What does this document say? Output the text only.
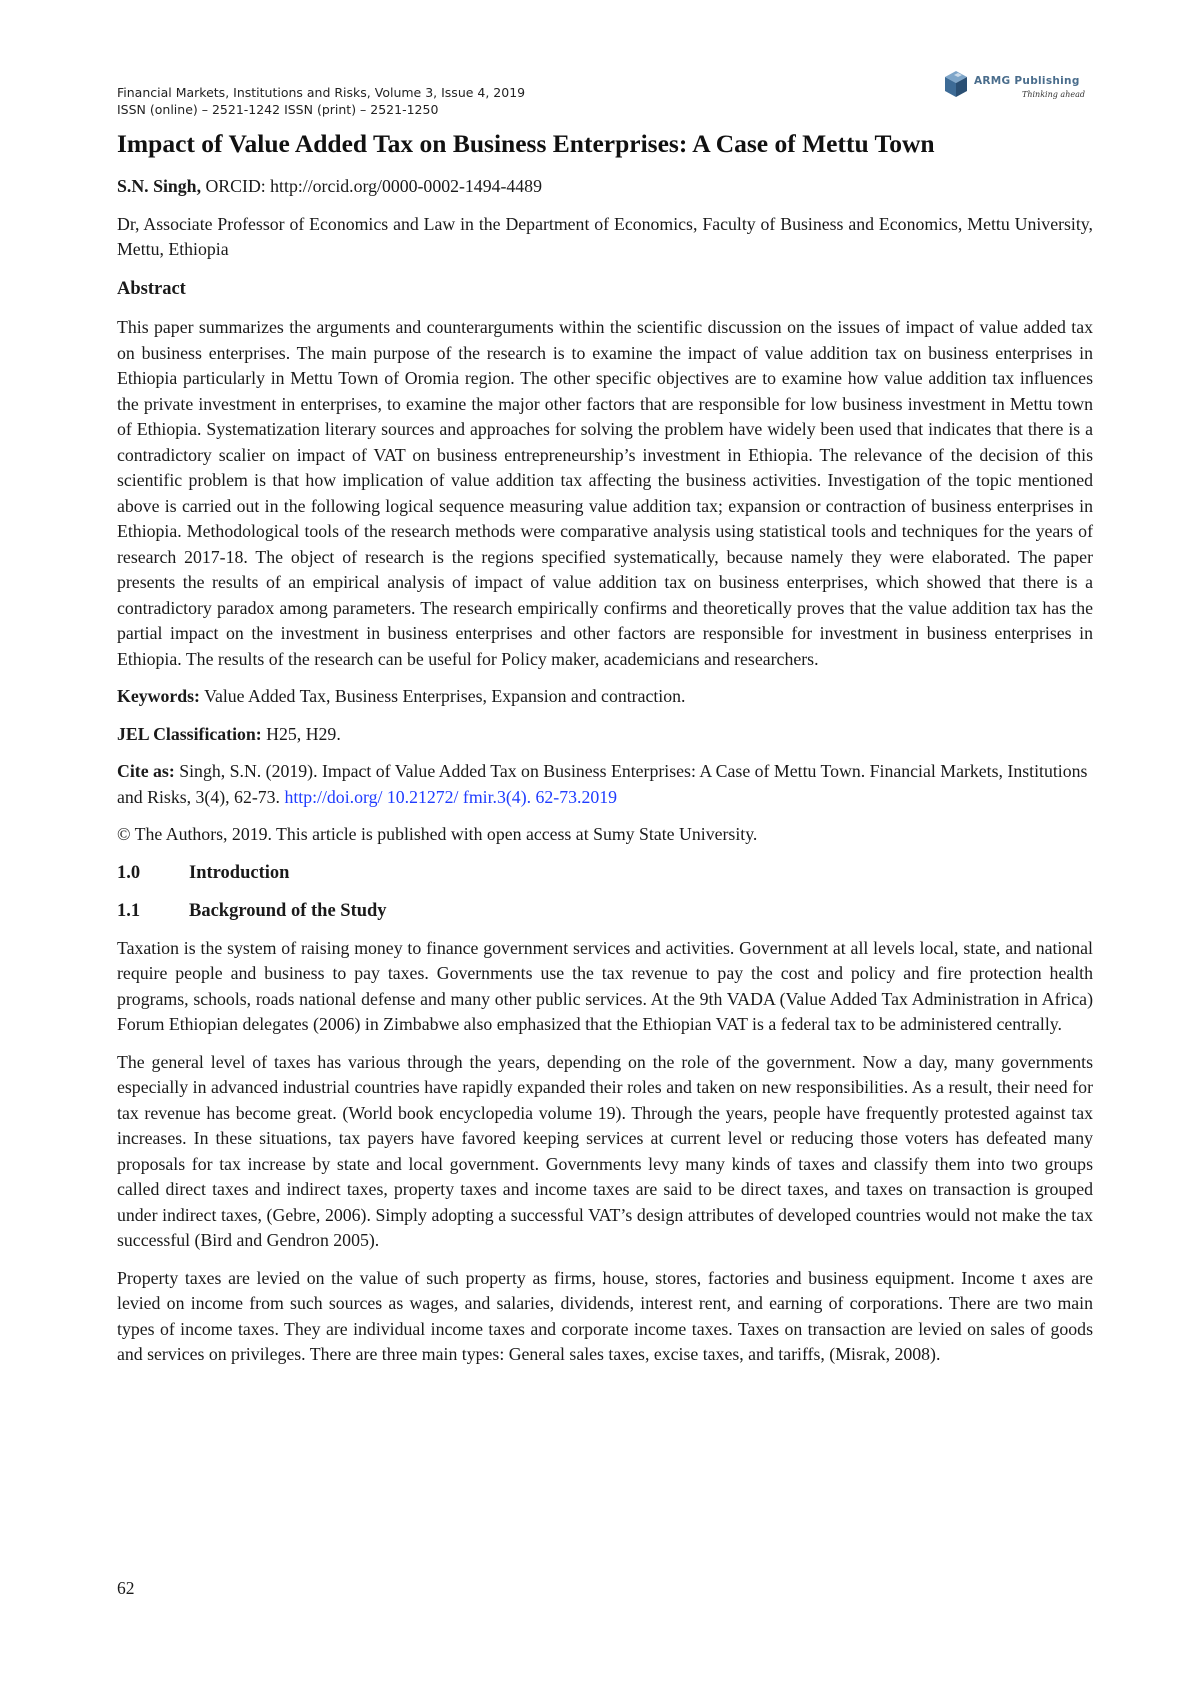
Financial Markets, Institutions and Risks, Volume 3, Issue 4, 2019
ISSN (online) – 2521-1242 ISSN (print) – 2521-1250
ARMG Publishing
Thinking ahead
Impact of Value Added Tax on Business Enterprises: A Case of Mettu Town

S.N. Singh, ORCID: http://orcid.org/0000-0002-1494-4489

Dr, Associate Professor of Economics and Law in the Department of Economics, Faculty of Business and Economics, Mettu University, Mettu, Ethiopia

Abstract

This paper summarizes the arguments and counterarguments within the scientific discussion on the issues of impact of value added tax on business enterprises. The main purpose of the research is to examine the impact of value addition tax on business enterprises in Ethiopia particularly in Mettu Town of Oromia region. The other specific objectives are to examine how value addition tax influences the private investment in enterprises, to examine the major other factors that are responsible for low business investment in Mettu town of Ethiopia. Systematization literary sources and approaches for solving the problem have widely been used that indicates that there is a contradictory scalier on impact of VAT on business entrepreneurship’s investment in Ethiopia. The relevance of the decision of this scientific problem is that how implication of value addition tax affecting the business activities. Investigation of the topic mentioned above is carried out in the following logical sequence measuring value addition tax; expansion or contraction of business enterprises in Ethiopia. Methodological tools of the research methods were comparative analysis using statistical tools and techniques for the years of research 2017-18. The object of research is the regions specified systematically, because namely they were elaborated. The paper presents the results of an empirical analysis of impact of value addition tax on business enterprises, which showed that there is a contradictory paradox among parameters. The research empirically confirms and theoretically proves that the value addition tax has the partial impact on the investment in business enterprises and other factors are responsible for investment in business enterprises in Ethiopia. The results of the research can be useful for Policy maker, academicians and researchers.

Keywords: Value Added Tax, Business Enterprises, Expansion and contraction.

JEL Classification: H25, H29.

Cite as: Singh, S.N. (2019). Impact of Value Added Tax on Business Enterprises: A Case of Mettu Town. Financial Markets, Institutions and Risks, 3(4), 62-73. http://doi.org/ 10.21272/ fmir.3(4). 62-73.2019

© The Authors, 2019. This article is published with open access at Sumy State University.

1.0	Introduction
1.1	Background of the Study

Taxation is the system of raising money to finance government services and activities. Government at all levels local, state, and national require people and business to pay taxes. Governments use the tax revenue to pay the cost and policy and fire protection health programs, schools, roads national defense and many other public services. At the 9th VADA (Value Added Tax Administration in Africa) Forum Ethiopian delegates (2006) in Zimbabwe also emphasized that the Ethiopian VAT is a federal tax to be administered centrally.

The general level of taxes has various through the years, depending on the role of the government. Now a day, many governments especially in advanced industrial countries have rapidly expanded their roles and taken on new responsibilities. As a result, their need for tax revenue has become great. (World book encyclopedia volume 19). Through the years, people have frequently protested against tax increases. In these situations, tax payers have favored keeping services at current level or reducing those voters has defeated many proposals for tax increase by state and local government. Governments levy many kinds of taxes and classify them into two groups called direct taxes and indirect taxes, property taxes and income taxes are said to be direct taxes, and taxes on transaction is grouped under indirect taxes, (Gebre, 2006). Simply adopting a successful VAT’s design attributes of developed countries would not make the tax successful (Bird and Gendron 2005).

Property taxes are levied on the value of such property as firms, house, stores, factories and business equipment. Income t axes are levied on income from such sources as wages, and salaries, dividends, interest rent, and earning of corporations. There are two main types of income taxes. They are individual income taxes and corporate income taxes. Taxes on transaction are levied on sales of goods and services on privileges. There are three main types: General sales taxes, excise taxes, and tariffs, (Misrak, 2008).

62
